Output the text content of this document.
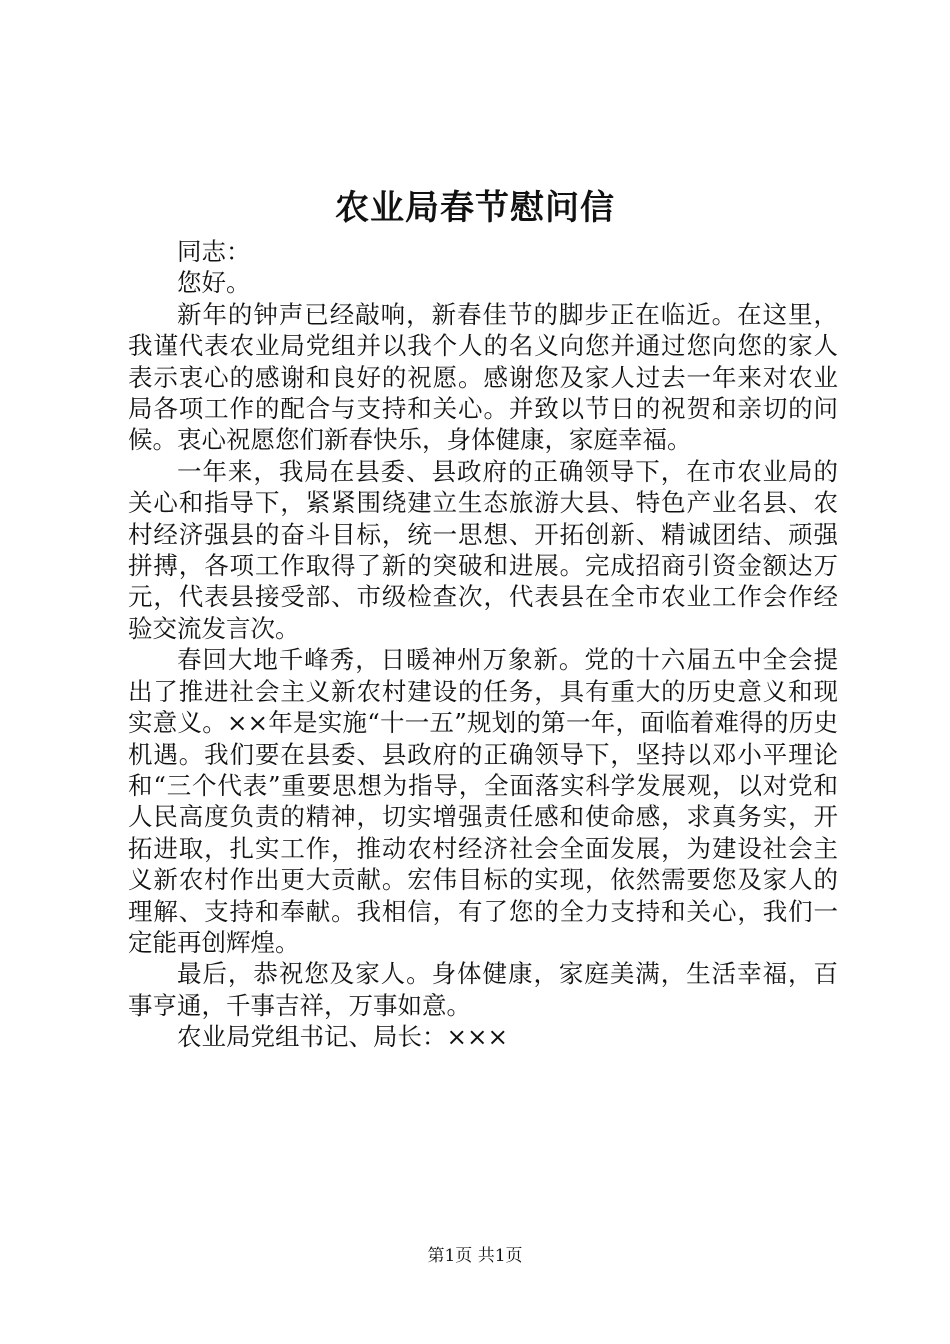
农业局春节慰问信

同志：

您好。

新年的钟声已经敲响，新春佳节的脚步正在临近。在这里，我谨代表农业局党组并以我个人的名义向您并通过您向您的家人表示衷心的感谢和良好的祝愿。感谢您及家人过去一年来对农业局各项工作的配合与支持和关心。并致以节日的祝贺和亲切的问候。衷心祝愿您们新春快乐，身体健康，家庭幸福。

一年来，我局在县委、县政府的正确领导下，在市农业局的关心和指导下，紧紧围绕建立生态旅游大县、特色产业名县、农村经济强县的奋斗目标，统一思想、开拓创新、精诚团结、顽强拼搏，各项工作取得了新的突破和进展。完成招商引资金额达万元，代表县接受部、市级检查次，代表县在全市农业工作会作经验交流发言次。

春回大地千峰秀，日暖神州万象新。党的十六届五中全会提出了推进社会主义新农村建设的任务，具有重大的历史意义和现实意义。××年是实施“十一五”规划的第一年，面临着难得的历史机遇。我们要在县委、县政府的正确领导下，坚持以邓小平理论和“三个代表”重要思想为指导，全面落实科学发展观，以对党和人民高度负责的精神，切实增强责任感和使命感，求真务实，开拓进取，扎实工作，推动农村经济社会全面发展，为建设社会主义新农村作出更大贡献。宏伟目标的实现，依然需要您及家人的理解、支持和奉献。我相信，有了您的全力支持和关心，我们一定能再创辉煌。

最后，恭祝您及家人。身体健康，家庭美满，生活幸福，百事亨通，千事吉祥，万事如意。

农业局党组书记、局长：×××

第1页 共1页
